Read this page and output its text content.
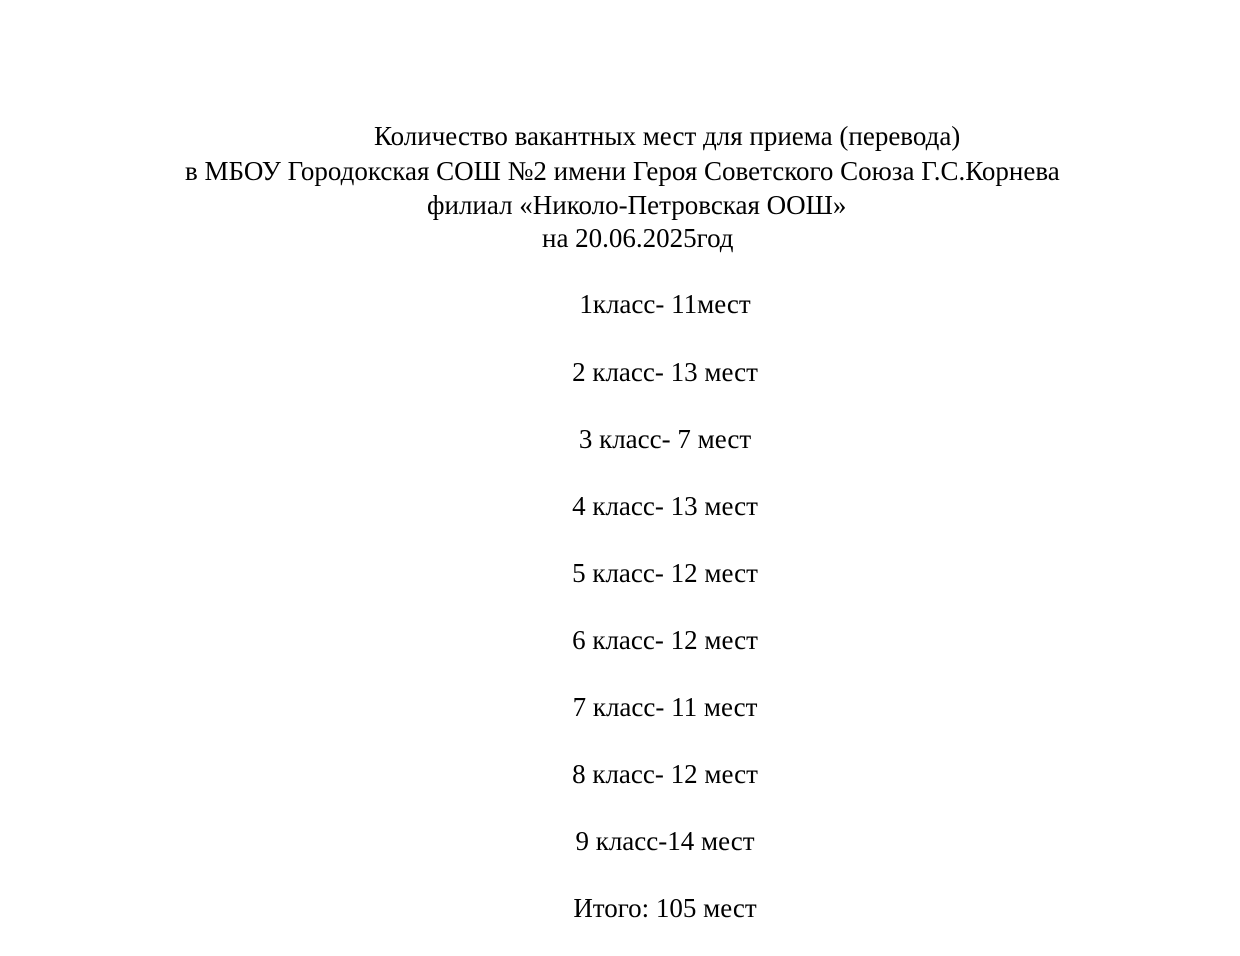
Количество вакантных мест для приема (перевода)
в МБОУ Городокская СОШ №2 имени Героя Советского Союза Г.С.Корнева
филиал «Николо-Петровская ООШ»
на 20.06.2025год
1класс- 11мест
2 класс- 13 мест
3 класс- 7 мест
4 класс- 13 мест
5 класс- 12 мест
6 класс- 12 мест
7 класс- 11 мест
8 класс- 12 мест
9 класс-14 мест
Итого: 105 мест
